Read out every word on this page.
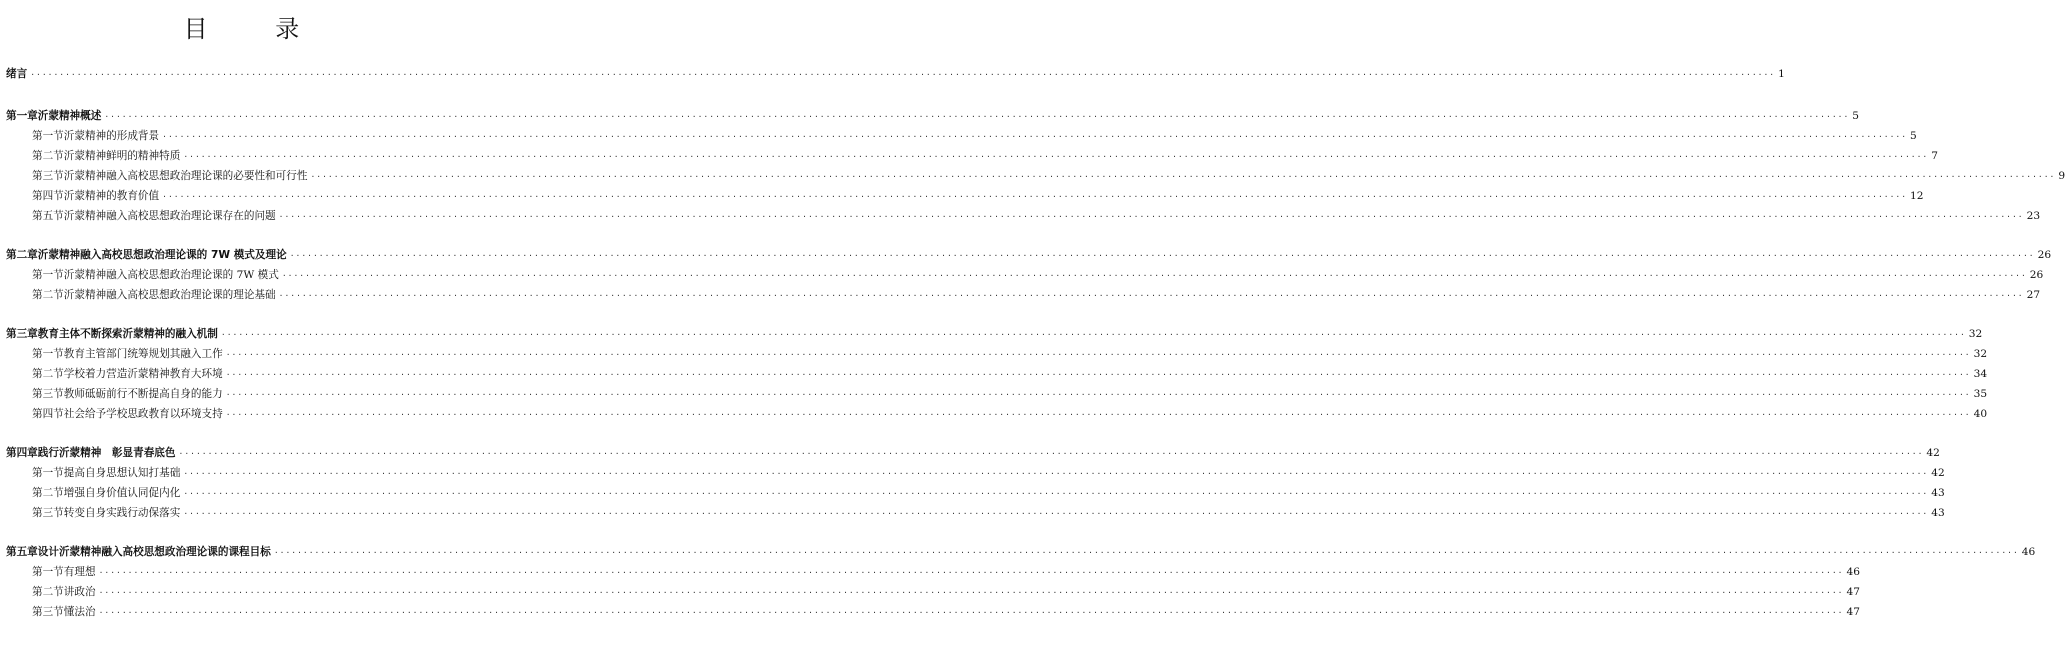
目 录
绪言 ············································································································································································································································································································ 1
第一章 沂蒙精神概述 ············································································································································································································································································································ 5
第一节 沂蒙精神的形成背景 ············································································································································································································································································································ 5
第二节 沂蒙精神鲜明的精神特质 ············································································································································································································································································································ 7
第三节 沂蒙精神融入高校思想政治理论课的必要性和可行性 ············································································································································································································································································································ 9
第四节 沂蒙精神的教育价值 ············································································································································································································································································································ 12
第五节 沂蒙精神融入高校思想政治理论课存在的问题 ············································································································································································································································································································ 23
第二章 沂蒙精神融入高校思想政治理论课的 7W 模式及理论 ············································································································································································································································································································ 26
第一节 沂蒙精神融入高校思想政治理论课的 7W 模式 ············································································································································································································································································································ 26
第二节 沂蒙精神融入高校思想政治理论课的理论基础 ············································································································································································································································································································ 27
第三章 教育主体不断探索沂蒙精神的融入机制 ············································································································································································································································································································ 32
第一节 教育主管部门统筹规划其融入工作 ············································································································································································································································································································ 32
第二节 学校着力营造沂蒙精神教育大环境 ············································································································································································································································································································ 34
第三节 教师砥砺前行不断提高自身的能力 ············································································································································································································································································································ 35
第四节 社会给予学校思政教育以环境支持 ············································································································································································································································································································ 40
第四章 践行沂蒙精神　彰显青春底色 ············································································································································································································································································································ 42
第一节 提高自身思想认知打基础 ············································································································································································································································································································ 42
第二节 增强自身价值认同促内化 ············································································································································································································································································································ 43
第三节 转变自身实践行动保落实 ············································································································································································································································································································ 43
第五章 设计沂蒙精神融入高校思想政治理论课的课程目标 ············································································································································································································································································································ 46
第一节 有理想 ············································································································································································································································································································ 46
第二节 讲政治 ············································································································································································································································································································ 47
第三节 懂法治 ············································································································································································································································································································ 47
